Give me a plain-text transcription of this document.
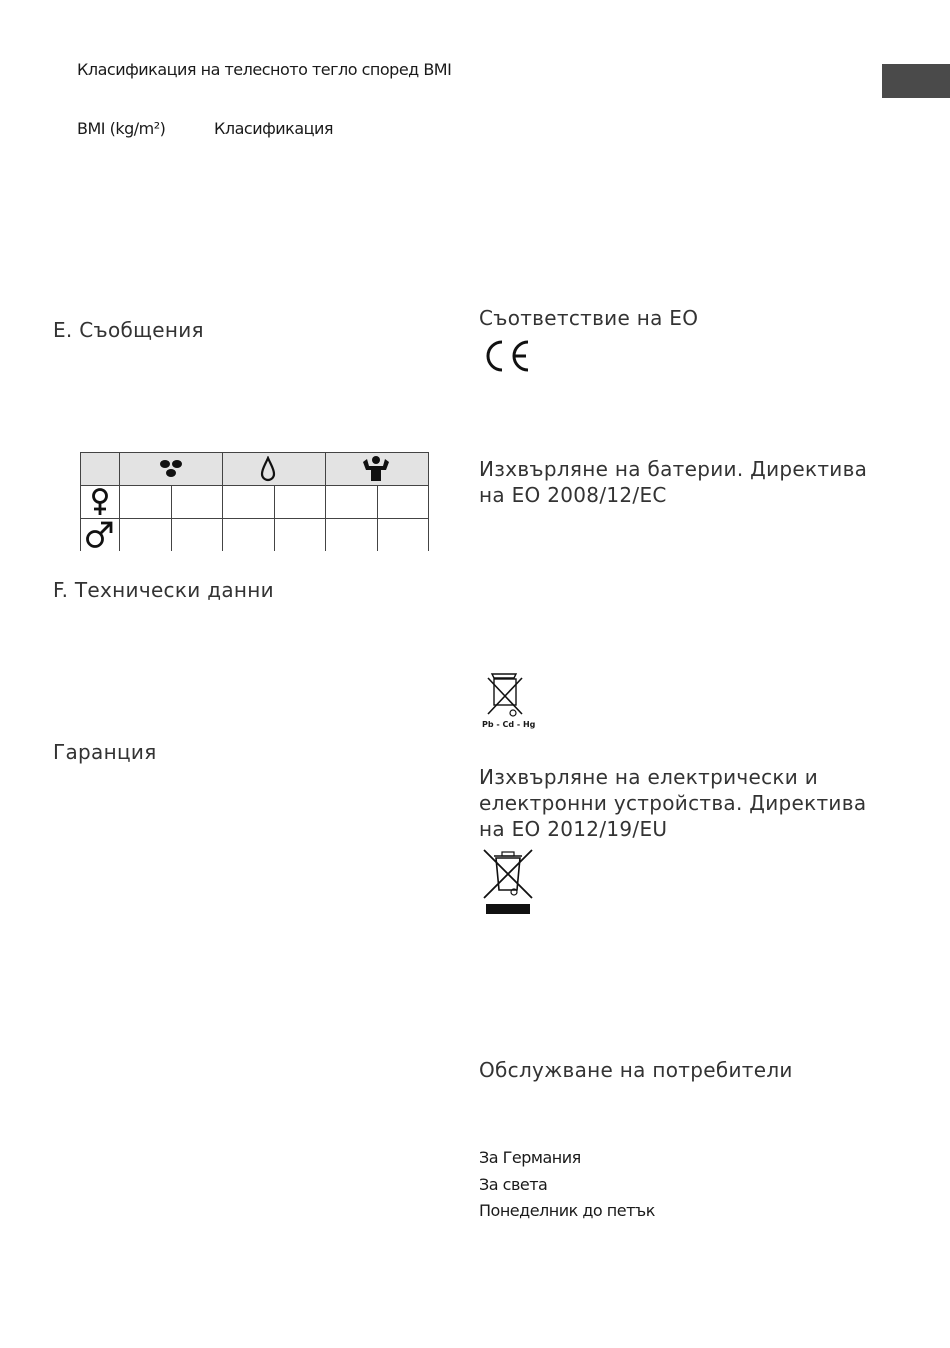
Класификация на телесното тегло според BMI
BMI (kg/m²)	Класификация
E. Съобщения
F. Технически данни
Гаранция
Съответствие на ЕО
Изхвърляне на батерии. Директива на ЕО 2008/12/ЕС
Pb - Cd - Hg
Изхвърляне на електрически и електронни устройства. Директива на ЕО 2012/19/EU
Обслужване на потребители
За Германия
За света
Понеделник до петък
